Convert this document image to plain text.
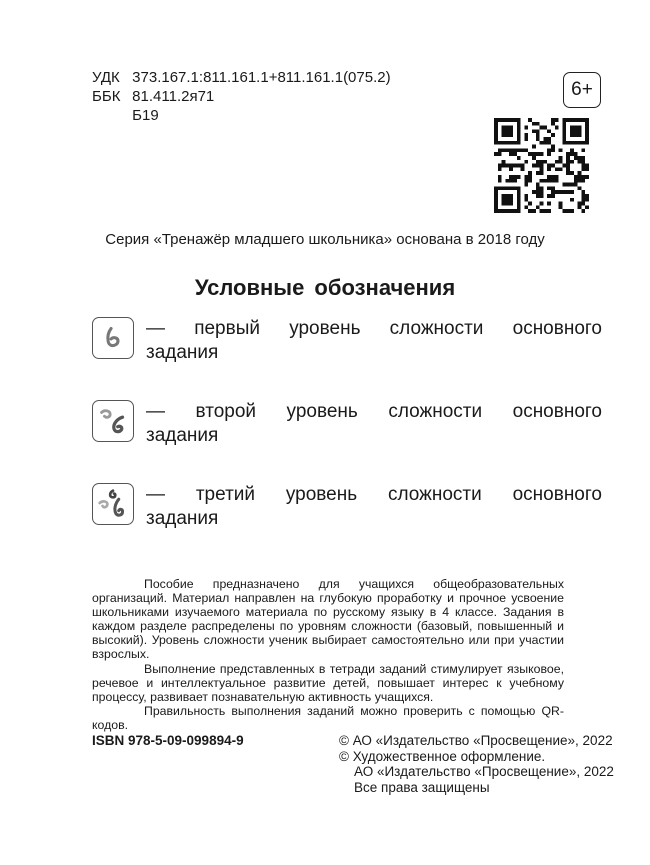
УДК 373.167.1:811.161.1+811.161.1(075.2)
ББК 81.411.2я71
Б19
6+
Серия «Тренажёр младшего школьника» основана в 2018 году
Условные обозначения
— первый уровень сложности основного
задания
— второй уровень сложности основного
задания
— третий уровень сложности основного
задания

Пособие предназначено для учащихся общеобразовательных организаций. Материал направлен на глубокую проработку и прочное усвоение школьниками изучаемого материала по русскому языку в 4 классе. Задания в каждом разделе распределены по уровням сложности (базовый, повышенный и высокий). Уровень сложности ученик выбирает самостоятельно или при участии взрослых.

Выполнение представленных в тетради заданий стимулирует языковое, речевое и интеллектуальное развитие детей, повышает интерес к учебному процессу, развивает познавательную активность учащихся.

Правильность выполнения заданий можно проверить с помощью QR-кодов.

ISBN 978-5-09-099894-9	© АО «Издательство «Просвещение», 2022
© Художественное оформление.
АО «Издательство «Просвещение», 2022
Все права защищены
